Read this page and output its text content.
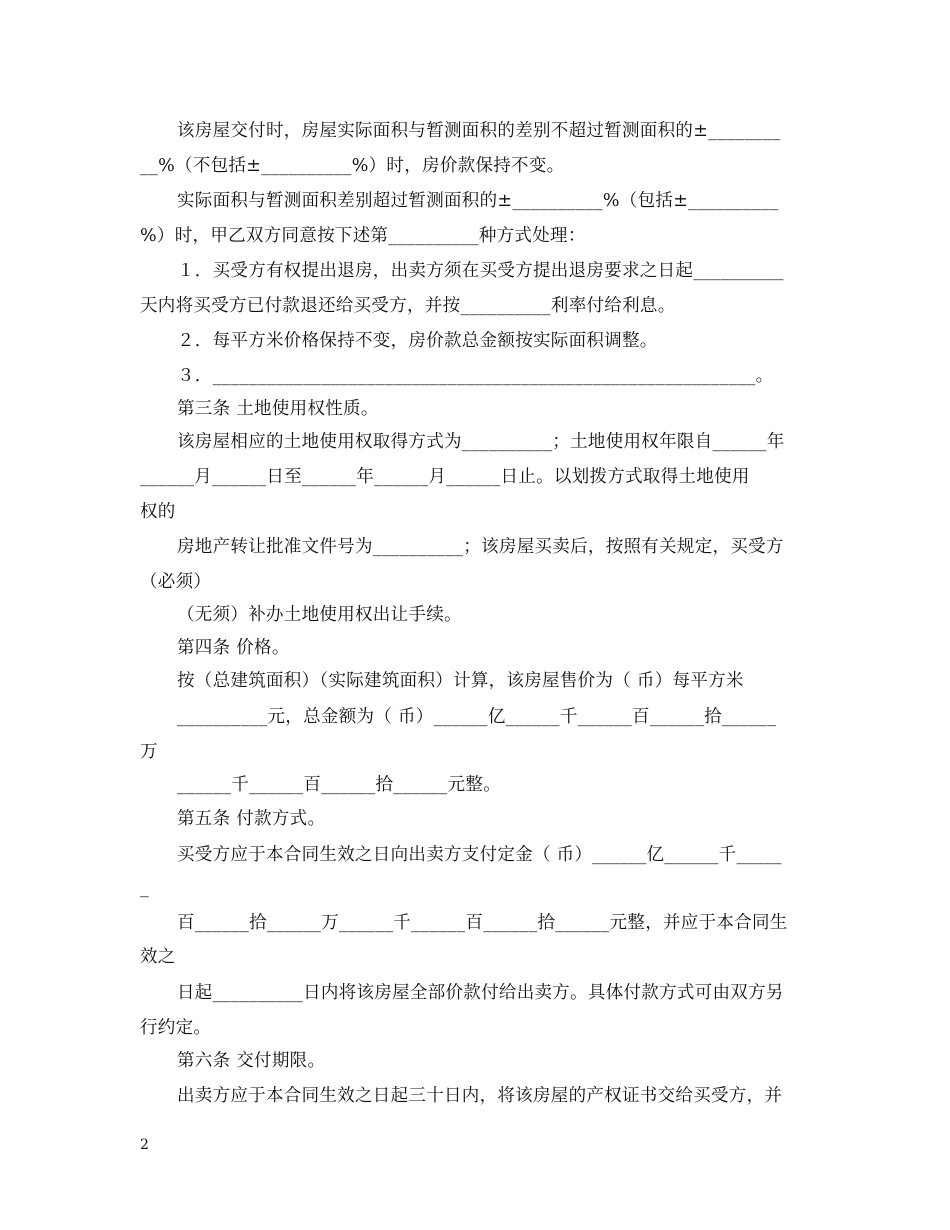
该房屋交付时，房屋实际面积与暂测面积的差别不超过暂测面积的±________
__%（不包括±__________%）时，房价款保持不变。
实际面积与暂测面积差别超过暂测面积的±__________%（包括±__________
%）时，甲乙双方同意按下述第__________种方式处理：
１．买受方有权提出退房，出卖方须在买受方提出退房要求之日起__________
天内将买受方已付款退还给买受方，并按__________利率付给利息。
２．每平方米价格保持不变，房价款总金额按实际面积调整。
３．____________________________________________________________。
第三条 土地使用权性质。
该房屋相应的土地使用权取得方式为__________；土地使用权年限自______年
______月______日至______年______月______日止。以划拨方式取得土地使用
权的
房地产转让批准文件号为__________；该房屋买卖后，按照有关规定，买受方
（必须）
（无须）补办土地使用权出让手续。
第四条 价格。
按（总建筑面积）（实际建筑面积）计算，该房屋售价为（ 币）每平方米
__________元，总金额为（ 币）______亿______千______百______拾______
万
______千______百______拾______元整。
第五条 付款方式。
买受方应于本合同生效之日向出卖方支付定金（ 币）______亿______千_____
_
百______拾______万______千______百______拾______元整，并应于本合同生
效之
日起__________日内将该房屋全部价款付给出卖方。具体付款方式可由双方另
行约定。
第六条 交付期限。
出卖方应于本合同生效之日起三十日内，将该房屋的产权证书交给买受方，并
2
